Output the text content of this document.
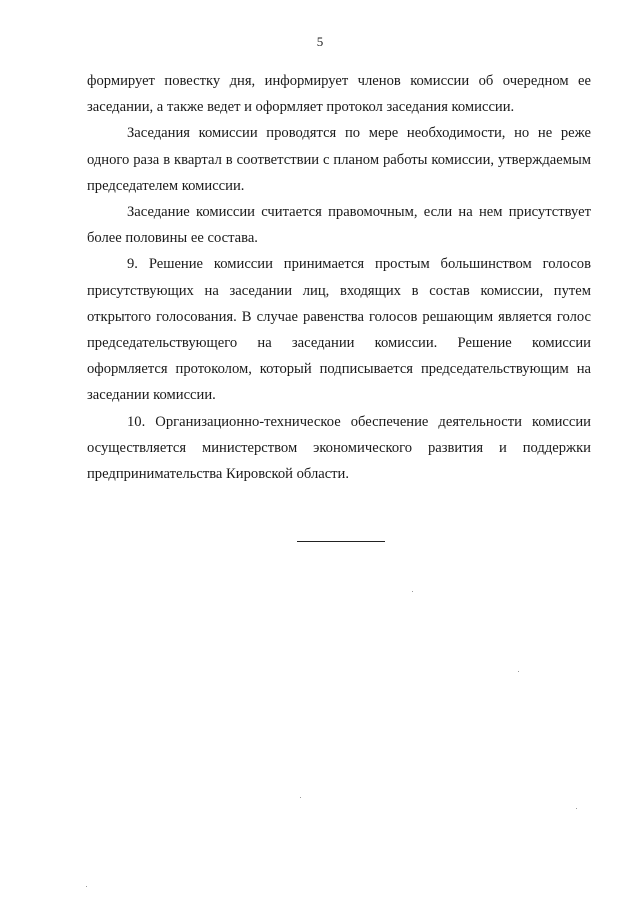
5

формирует повестку дня, информирует членов комиссии об очередном ее заседании, а также ведет и оформляет протокол заседания комиссии.

Заседания комиссии проводятся по мере необходимости, но не реже одного раза в квартал в соответствии с планом работы комиссии, утверждаемым председателем комиссии.

Заседание комиссии считается правомочным, если на нем присутствует более половины ее состава.

9. Решение комиссии принимается простым большинством голосов присутствующих на заседании лиц, входящих в состав комиссии, путем открытого голосования. В случае равенства голосов решающим является голос председательствующего на заседании комиссии. Решение комиссии оформляется протоколом, который подписывается председательствующим на заседании комиссии.

10. Организационно-техническое обеспечение деятельности комиссии осуществляется министерством экономического развития и поддержки предпринимательства Кировской области.
